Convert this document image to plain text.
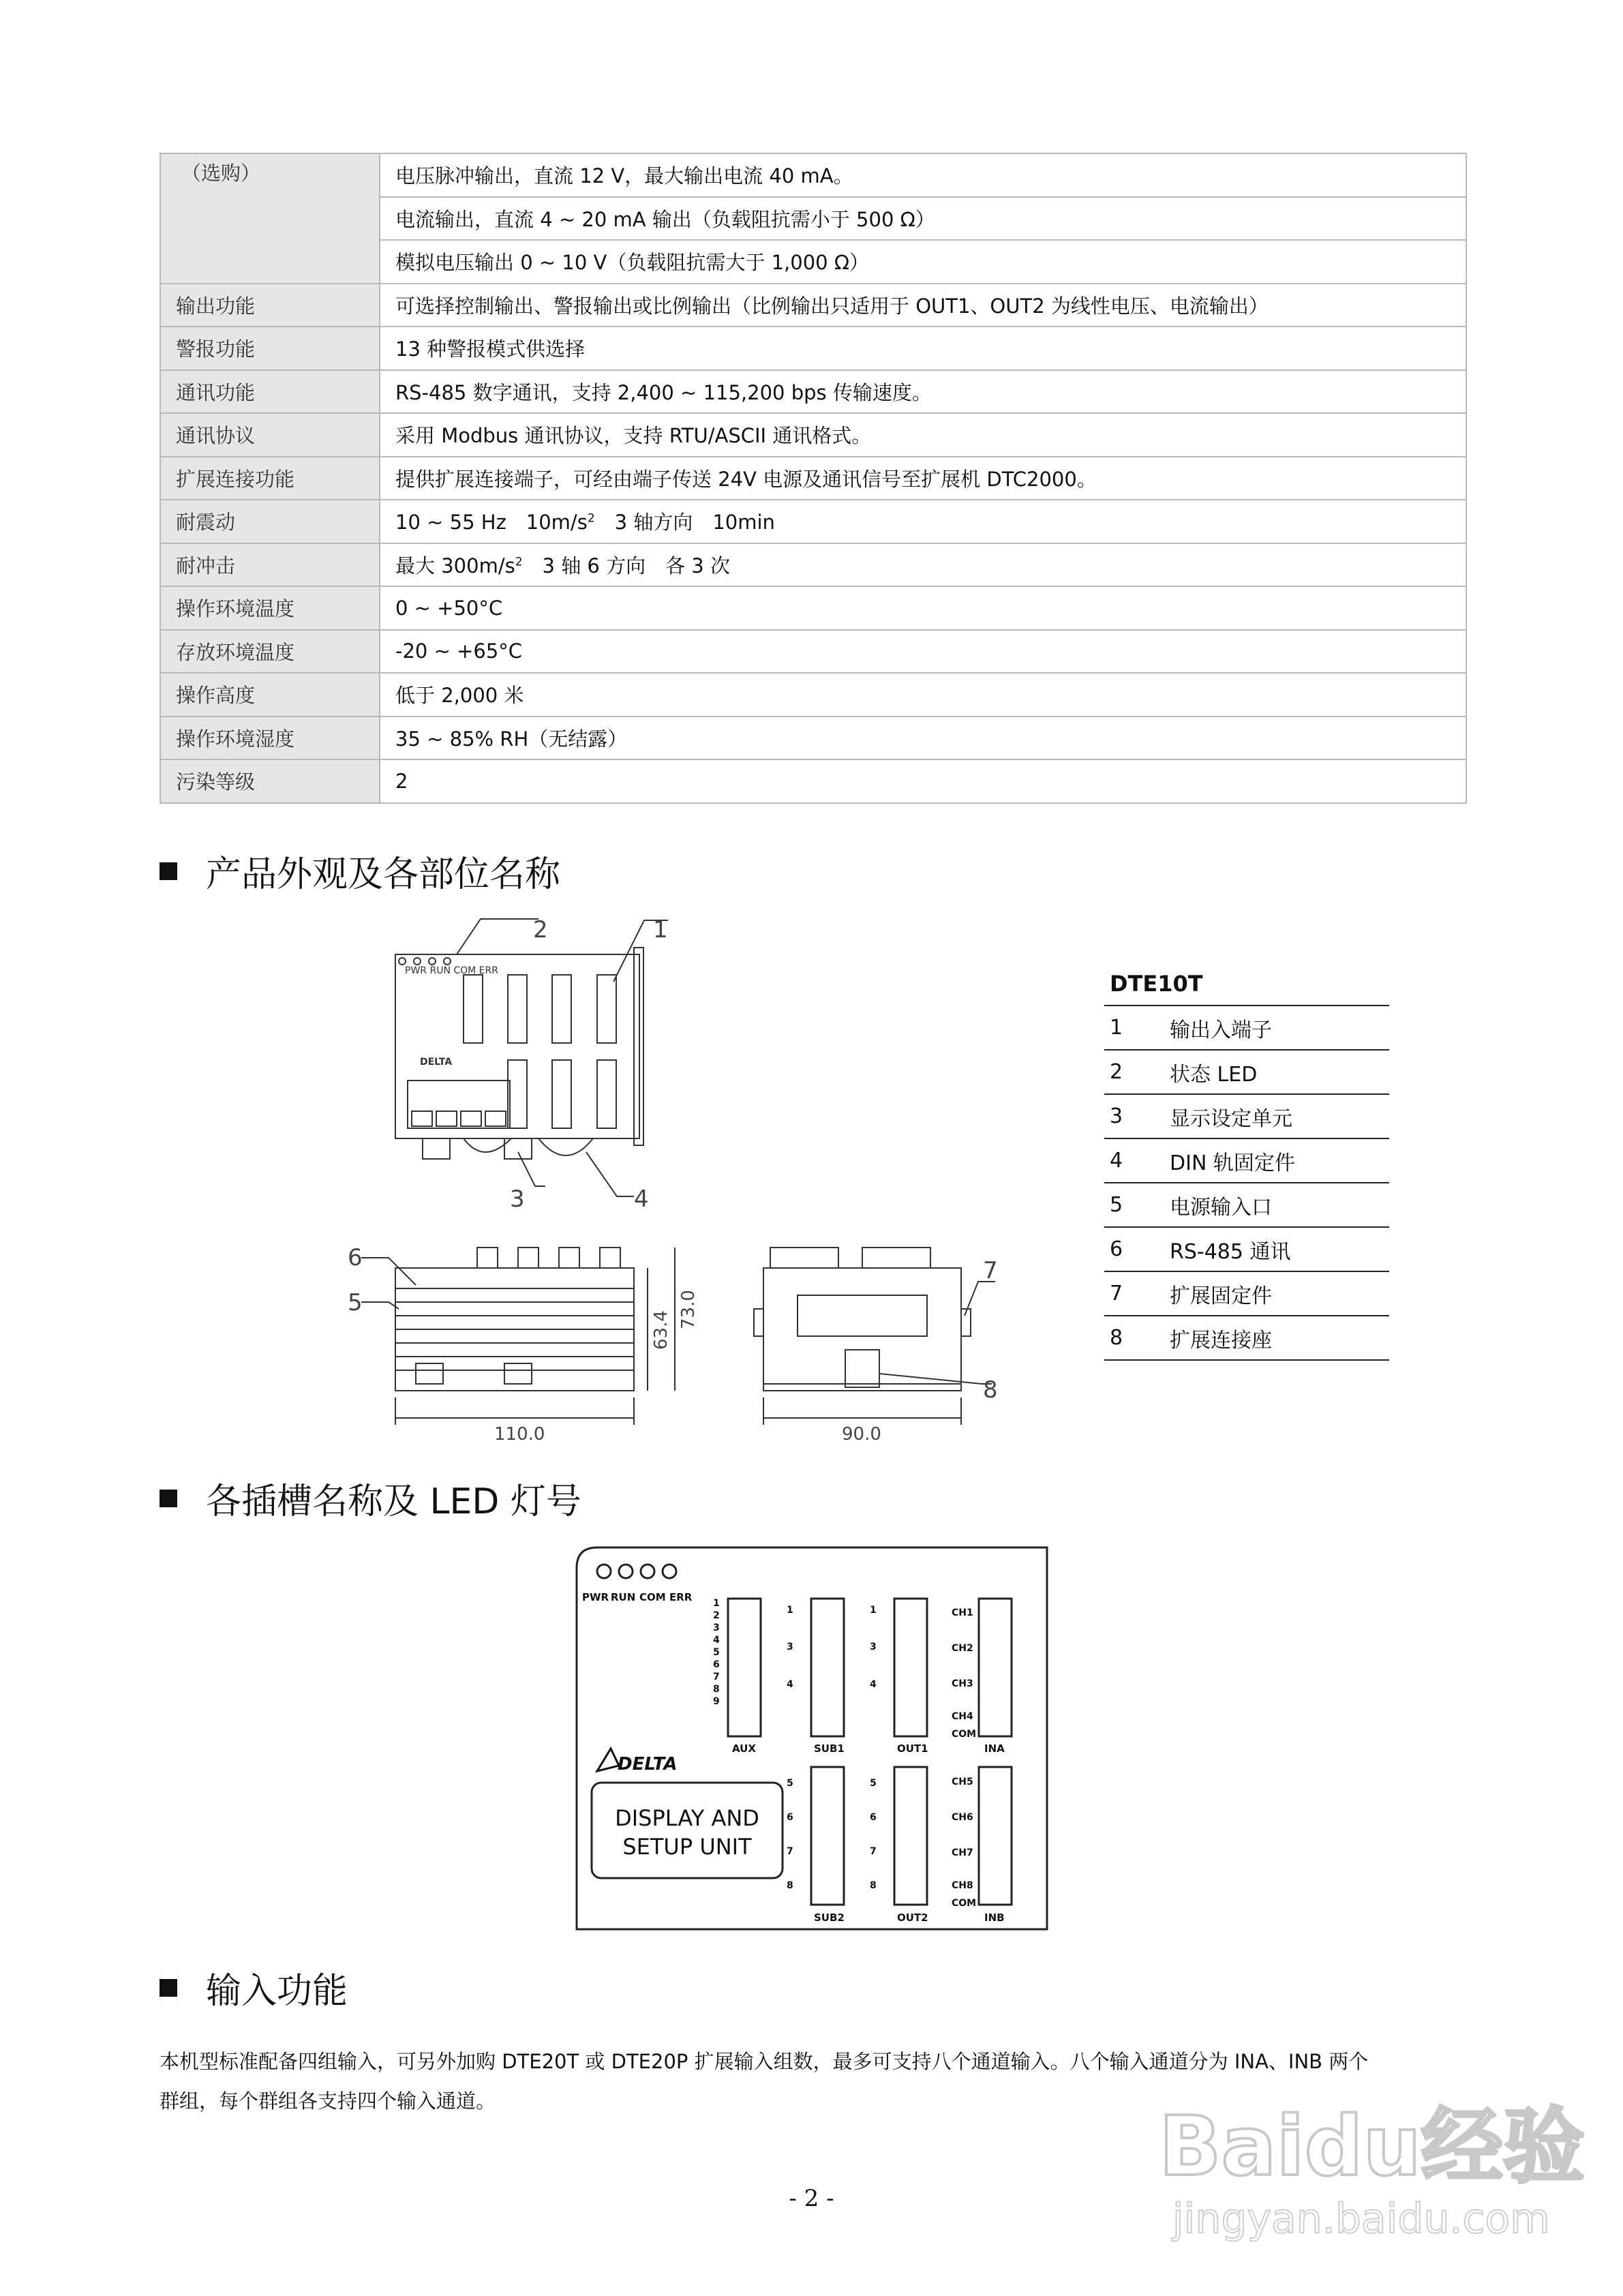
（选购）	电压脉冲输出，直流 12 V，最大输出电流 40 mA。
	电流输出，直流 4 ~ 20 mA 输出（负载阻抗需小于 500 Ω）
	模拟电压输出 0 ~ 10 V（负载阻抗需大于 1,000 Ω）
输出功能	可选择控制输出、警报输出或比例输出（比例输出只适用于 OUT1、OUT2 为线性电压、电流输出）
警报功能	13 种警报模式供选择
通讯功能	RS-485 数字通讯，支持 2,400 ~ 115,200 bps 传输速度。
通讯协议	采用 Modbus 通讯协议，支持 RTU/ASCII 通讯格式。
扩展连接功能	提供扩展连接端子，可经由端子传送 24V 电源及通讯信号至扩展机 DTC2000。
耐震动	10 ~ 55 Hz　$10m/s^2$　3 轴方向　10min
耐冲击	最大 $300m/s^2$　3 轴 6 方向　各 3 次
操作环境温度	0 ~ +50°C
存放环境温度	-20 ~ +65°C
操作高度	低于 2,000 米
操作环境湿度	35 ~ 85% RH（无结露）
污染等级	2
产品外观及各部位名称
PWR RUN COM ERR
DELTA
2	1
3	4
6
5
110.0
63.4
73.0
7
8
90.0
DTE10T
1	输出入端子
2	状态 LED
3	显示设定单元
4	DIN 轨固定件
5	电源输入口
6	RS-485 通讯
7	扩展固定件
8	扩展连接座
各插槽名称及 LED 灯号
PWR RUN COM ERR
AUX	SUB1	OUT1	INA
SUB2	OUT2	INB
1
2
3
4
5
6
7
8
9
1
3
4
1
3
4
CH1
CH2
CH3
CH4
COM
5
6
7
8
5
6
7
8
CH5
CH6
CH7
CH8
COM
DELTA
DISPLAY AND
SETUP UNIT
输入功能

本机型标准配备四组输入，可另外加购 DTE20T 或 DTE20P 扩展输入组数，最多可支持八个通道输入。八个输入通道分为 INA、INB 两个
群组，每个群组各支持四个输入通道。

- 2 -
Baidu经验
jingyan.baidu.com
